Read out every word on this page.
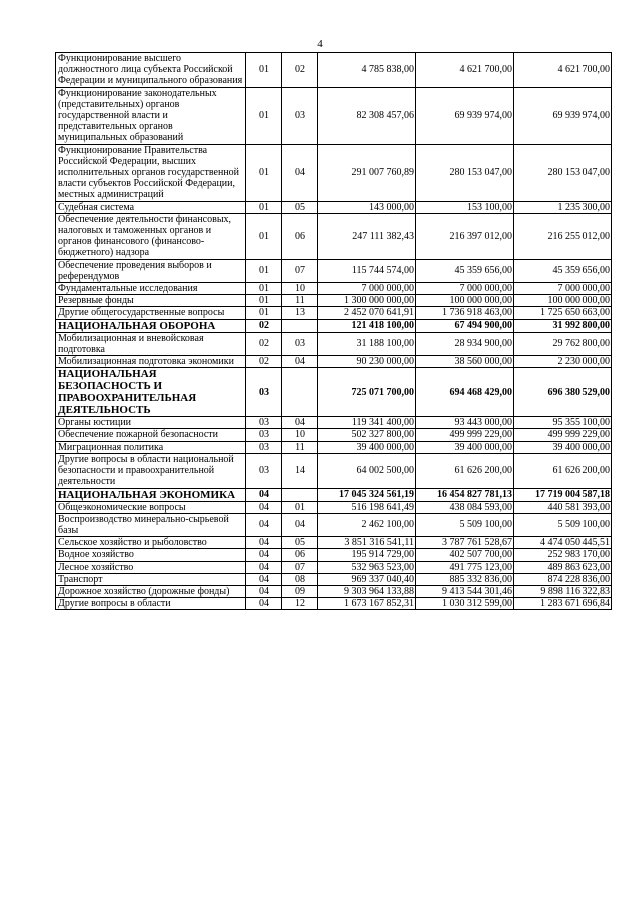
4
Функционирование высшего должностного лица субъекта Российской Федерации и муниципального образования	01	02	4 785 838,00	4 621 700,00	4 621 700,00
Функционирование законодательных (представительных) органов государственной власти и представительных органов муниципальных образований	01	03	82 308 457,06	69 939 974,00	69 939 974,00
Функционирование Правительства Российской Федерации, высших исполнительных органов государственной власти субъектов Российской Федерации, местных администраций	01	04	291 007 760,89	280 153 047,00	280 153 047,00
Судебная система	01	05	143 000,00	153 100,00	1 235 300,00
Обеспечение деятельности финансовых, налоговых и таможенных органов и органов финансового (финансово-бюджетного) надзора	01	06	247 111 382,43	216 397 012,00	216 255 012,00
Обеспечение проведения выборов и референдумов	01	07	115 744 574,00	45 359 656,00	45 359 656,00
Фундаментальные исследования	01	10	7 000 000,00	7 000 000,00	7 000 000,00
Резервные фонды	01	11	1 300 000 000,00	100 000 000,00	100 000 000,00
Другие общегосударственные вопросы	01	13	2 452 070 641,91	1 736 918 463,00	1 725 650 663,00
НАЦИОНАЛЬНАЯ ОБОРОНА	02		121 418 100,00	67 494 900,00	31 992 800,00
Мобилизационная и вневойсковая подготовка	02	03	31 188 100,00	28 934 900,00	29 762 800,00
Мобилизационная подготовка экономики	02	04	90 230 000,00	38 560 000,00	2 230 000,00
НАЦИОНАЛЬНАЯ БЕЗОПАСНОСТЬ И ПРАВООХРАНИТЕЛЬНАЯ ДЕЯТЕЛЬНОСТЬ	03		725 071 700,00	694 468 429,00	696 380 529,00
Органы юстиции	03	04	119 341 400,00	93 443 000,00	95 355 100,00
Обеспечение пожарной безопасности	03	10	502 327 800,00	499 999 229,00	499 999 229,00
Миграционная политика	03	11	39 400 000,00	39 400 000,00	39 400 000,00
Другие вопросы в области национальной безопасности и правоохранительной деятельности	03	14	64 002 500,00	61 626 200,00	61 626 200,00
НАЦИОНАЛЬНАЯ ЭКОНОМИКА	04		17 045 324 561,19	16 454 827 781,13	17 719 004 587,18
Общеэкономические вопросы	04	01	516 198 641,49	438 084 593,00	440 581 393,00
Воспроизводство минерально-сырьевой базы	04	04	2 462 100,00	5 509 100,00	5 509 100,00
Сельское хозяйство и рыболовство	04	05	3 851 316 541,11	3 787 761 528,67	4 474 050 445,51
Водное хозяйство	04	06	195 914 729,00	402 507 700,00	252 983 170,00
Лесное хозяйство	04	07	532 963 523,00	491 775 123,00	489 863 623,00
Транспорт	04	08	969 337 040,40	885 332 836,00	874 228 836,00
Дорожное хозяйство (дорожные фонды)	04	09	9 303 964 133,88	9 413 544 301,46	9 898 116 322,83
Другие вопросы в области	04	12	1 673 167 852,31	1 030 312 599,00	1 283 671 696,84
